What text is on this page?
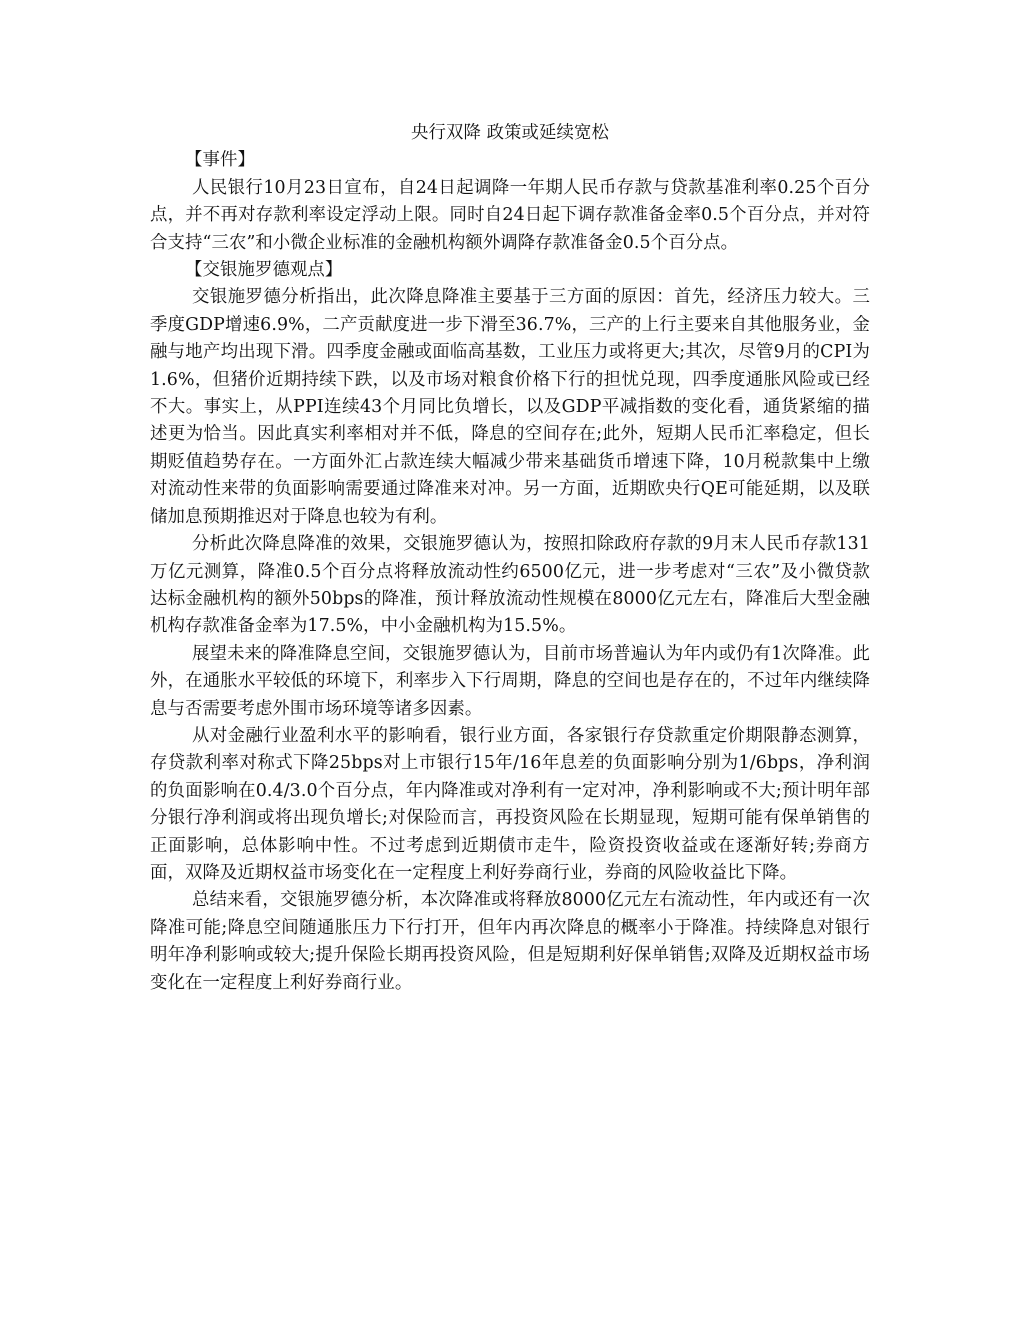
央行双降 政策或延续宽松

【事件】

人民银行10月23日宣布，自24日起调降一年期人民币存款与贷款基准利率0.25个百分点，并不再对存款利率设定浮动上限。同时自24日起下调存款准备金率0.5个百分点，并对符合支持“三农”和小微企业标准的金融机构额外调降存款准备金0.5个百分点。

【交银施罗德观点】

交银施罗德分析指出，此次降息降准主要基于三方面的原因：首先，经济压力较大。三季度GDP增速6.9%，二产贡献度进一步下滑至36.7%，三产的上行主要来自其他服务业，金融与地产均出现下滑。四季度金融或面临高基数，工业压力或将更大;其次，尽管9月的CPI为1.6%，但猪价近期持续下跌，以及市场对粮食价格下行的担忧兑现，四季度通胀风险或已经不大。事实上，从PPI连续43个月同比负增长，以及GDP平减指数的变化看，通货紧缩的描述更为恰当。因此真实利率相对并不低，降息的空间存在;此外，短期人民币汇率稳定，但长期贬值趋势存在。一方面外汇占款连续大幅减少带来基础货币增速下降，10月税款集中上缴对流动性来带的负面影响需要通过降准来对冲。另一方面，近期欧央行QE可能延期，以及联储加息预期推迟对于降息也较为有利。

分析此次降息降准的效果，交银施罗德认为，按照扣除政府存款的9月末人民币存款131万亿元测算，降准0.5个百分点将释放流动性约6500亿元，进一步考虑对“三农”及小微贷款达标金融机构的额外50bps的降准，预计释放流动性规模在8000亿元左右，降准后大型金融机构存款准备金率为17.5%，中小金融机构为15.5%。

展望未来的降准降息空间，交银施罗德认为，目前市场普遍认为年内或仍有1次降准。此外，在通胀水平较低的环境下，利率步入下行周期，降息的空间也是存在的，不过年内继续降息与否需要考虑外围市场环境等诸多因素。

从对金融行业盈利水平的影响看，银行业方面，各家银行存贷款重定价期限静态测算，存贷款利率对称式下降25bps对上市银行15年/16年息差的负面影响分别为1/6bps，净利润的负面影响在0.4/3.0个百分点，年内降准或对净利有一定对冲，净利影响或不大;预计明年部分银行净利润或将出现负增长;对保险而言，再投资风险在长期显现，短期可能有保单销售的正面影响，总体影响中性。不过考虑到近期债市走牛，险资投资收益或在逐渐好转;券商方面，双降及近期权益市场变化在一定程度上利好券商行业，券商的风险收益比下降。

总结来看，交银施罗德分析，本次降准或将释放8000亿元左右流动性，年内或还有一次降准可能;降息空间随通胀压力下行打开，但年内再次降息的概率小于降准。持续降息对银行明年净利影响或较大;提升保险长期再投资风险，但是短期利好保单销售;双降及近期权益市场变化在一定程度上利好券商行业。
